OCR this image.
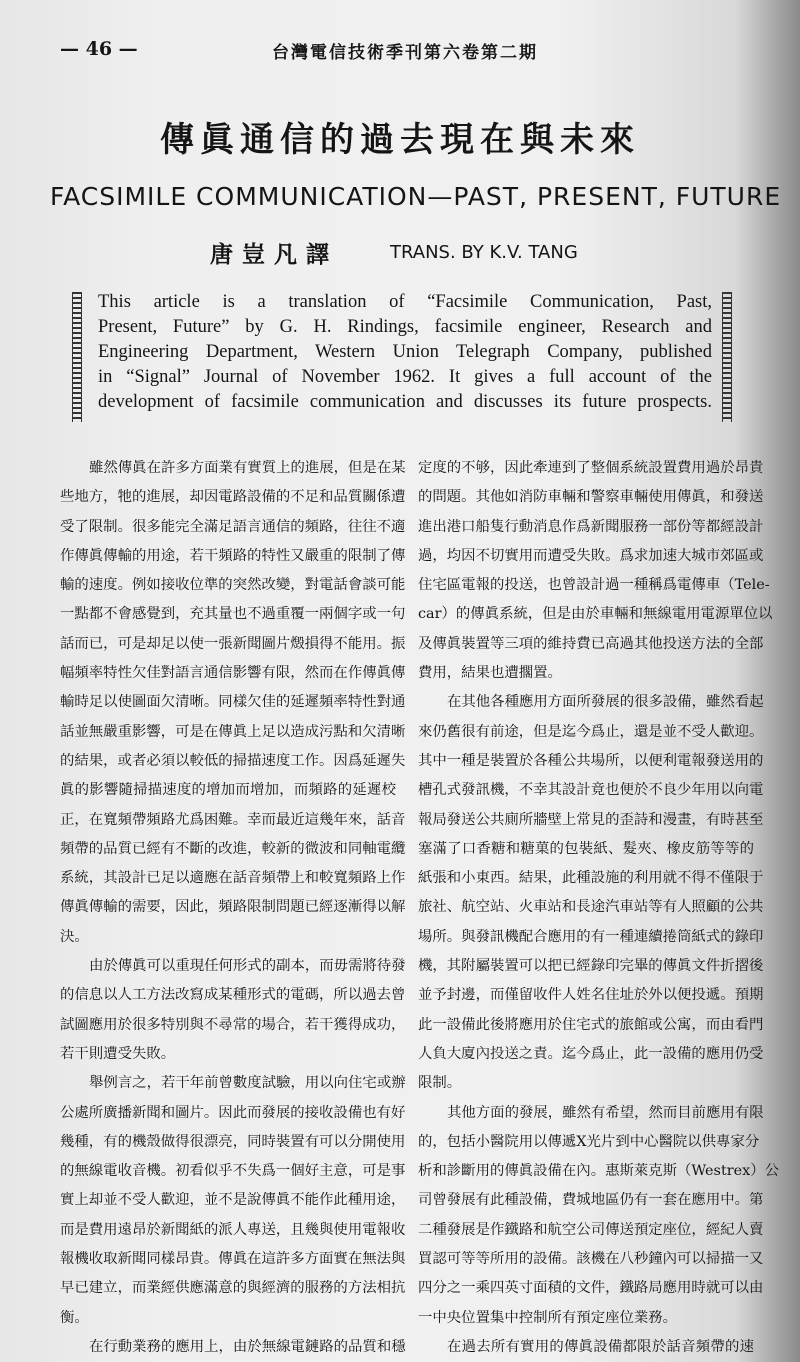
— 46 —	台灣電信技術季刊第六卷第二期
傳眞通信的過去現在與未來
FACSIMILE COMMUNICATION—PAST, PRESENT, FUTURE
唐豈凡譯	TRANS. BY K.V. TANG
This article is a translation of “Facsimile Communication, Past,
Present, Future” by G. H. Rindings, facsimile engineer, Research and
Engineering Department, Western Union Telegraph Company, published
in “Signal” Journal of November 1962. It gives a full account of the
development of facsimile communication and discusses its future prospects.
雖然傳眞在許多方面業有實質上的進展，但是在某
些地方，牠的進展，却因電路設備的不足和品質關係遭
受了限制。很多能完全滿足語言通信的頻路，往往不適
作傳眞傳輸的用途，若干頻路的特性又嚴重的限制了傳
輸的速度。例如接收位準的突然改變，對電話會談可能
一點都不會感覺到，充其量也不過重覆一兩個字或一句
話而已，可是却足以使一張新聞圖片燬損得不能用。振
幅頻率特性欠佳對語言通信影響有限，然而在作傳眞傳
輸時足以使圖面欠清晰。同樣欠佳的延遲頻率特性對通
話並無嚴重影響，可是在傳眞上足以造成污點和欠清晰
的結果，或者必須以較低的掃描速度工作。因爲延遲失
眞的影響隨掃描速度的增加而增加，而頻路的延遲校
正，在寬頻帶頻路尤爲困難。幸而最近這幾年來，話音
頻帶的品質已經有不斷的改進，較新的微波和同軸電纜
系統，其設計已足以適應在話音頻帶上和較寬頻路上作
傳眞傳輸的需要，因此，頻路限制問題已經逐漸得以解
決。
由於傳眞可以重現任何形式的副本，而毋需將待發
的信息以人工方法改寫成某種形式的電碼，所以過去曾
試圖應用於很多特別與不尋常的場合，若干獲得成功，
若干則遭受失敗。
舉例言之，若干年前曾數度試驗，用以向住宅或辦
公處所廣播新聞和圖片。因此而發展的接收設備也有好
幾種，有的機殼做得很漂亮，同時裝置有可以分開使用
的無線電收音機。初看似乎不失爲一個好主意，可是事
實上却並不受人歡迎，並不是說傳眞不能作此種用途，
而是費用遠昂於新聞紙的派人專送，且幾與使用電報收
報機收取新聞同樣昂貴。傳眞在這許多方面實在無法與
早已建立，而業經供應滿意的與經濟的服務的方法相抗
衡。
在行動業務的應用上，由於無線電鏈路的品質和穩
定度的不够，因此牽連到了整個系統設置費用過於昂貴
的問題。其他如消防車輛和警察車輛使用傳眞，和發送
進出港口船隻行動消息作爲新聞服務一部份等都經設計
過，均因不切實用而遭受失敗。爲求加速大城市郊區或
住宅區電報的投送，也曾設計過一種稱爲電傳車（Tele-
car）的傳眞系統，但是由於車輛和無線電用電源單位以
及傳眞裝置等三項的維持費已高過其他投送方法的全部
費用，結果也遭擱置。
在其他各種應用方面所發展的很多設備，雖然看起
來仍舊很有前途，但是迄今爲止，還是並不受人歡迎。
其中一種是裝置於各種公共場所，以便利電報發送用的
槽孔式發訊機，不幸其設計竟也便於不良少年用以向電
報局發送公共廁所牆壁上常見的歪詩和漫畫，有時甚至
塞滿了口香糖和糖菓的包裝紙、髮夾、橡皮筋等等的
紙張和小東西。結果，此種設施的利用就不得不僅限于
旅社、航空站、火車站和長途汽車站等有人照顧的公共
場所。與發訊機配合應用的有一種連續捲筒紙式的錄印
機，其附屬裝置可以把已經錄印完畢的傳眞文件折摺後
並予封邊，而僅留收件人姓名住址於外以便投遞。預期
此一設備此後將應用於住宅式的旅館或公寓，而由看門
人負大廈內投送之責。迄今爲止，此一設備的應用仍受
限制。
其他方面的發展，雖然有希望，然而目前應用有限
的，包括小醫院用以傳遞X光片到中心醫院以供專家分
析和診斷用的傳眞設備在內。惠斯萊克斯（Westrex）公
司曾發展有此種設備，費城地區仍有一套在應用中。第
二種發展是作鐵路和航空公司傳送預定座位，經紀人賣
買認可等等所用的設備。該機在八秒鐘內可以掃描一又
四分之一乘四英寸面積的文件，鐵路局應用時就可以由
一中央位置集中控制所有預定座位業務。
在過去所有實用的傳眞設備都限於話音頻帶的速
